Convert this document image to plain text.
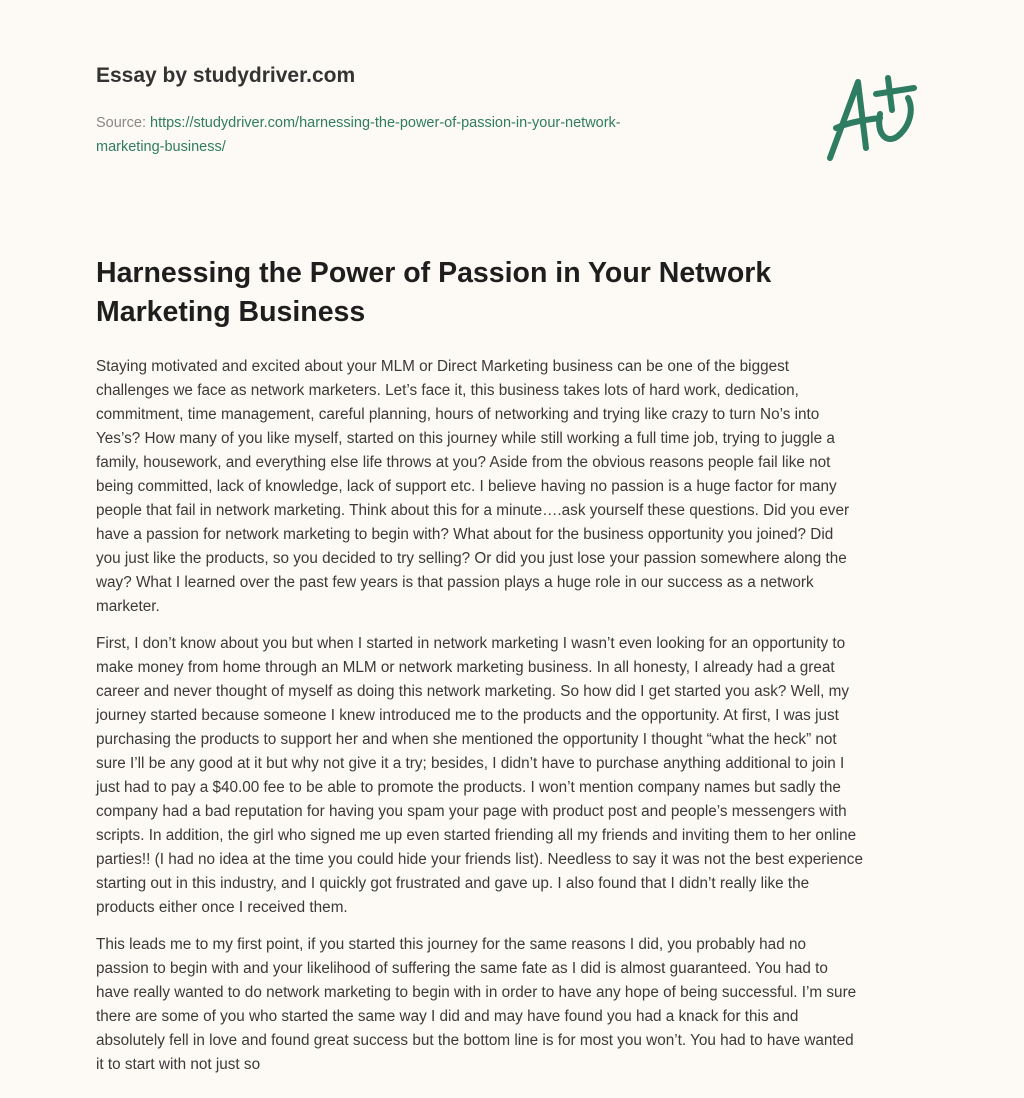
Essay by studydriver.com
Source: https://studydriver.com/harnessing-the-power-of-passion-in-your-network-
marketing-business/
Harnessing the Power of Passion in Your Network
Marketing Business

Staying motivated and excited about your MLM or Direct Marketing business can be one of the biggest
challenges we face as network marketers. Let’s face it, this business takes lots of hard work, dedication,
commitment, time management, careful planning, hours of networking and trying like crazy to turn No’s into
Yes’s? How many of you like myself, started on this journey while still working a full time job, trying to juggle a
family, housework, and everything else life throws at you? Aside from the obvious reasons people fail like not
being committed, lack of knowledge, lack of support etc. I believe having no passion is a huge factor for many
people that fail in network marketing. Think about this for a minute….ask yourself these questions. Did you ever
have a passion for network marketing to begin with? What about for the business opportunity you joined? Did
you just like the products, so you decided to try selling? Or did you just lose your passion somewhere along the
way? What I learned over the past few years is that passion plays a huge role in our success as a network
marketer.

First, I don’t know about you but when I started in network marketing I wasn’t even looking for an opportunity to
make money from home through an MLM or network marketing business. In all honesty, I already had a great
career and never thought of myself as doing this network marketing. So how did I get started you ask? Well, my
journey started because someone I knew introduced me to the products and the opportunity. At first, I was just
purchasing the products to support her and when she mentioned the opportunity I thought “what the heck” not
sure I’ll be any good at it but why not give it a try; besides, I didn’t have to purchase anything additional to join I
just had to pay a $40.00 fee to be able to promote the products. I won’t mention company names but sadly the
company had a bad reputation for having you spam your page with product post and people’s messengers with
scripts. In addition, the girl who signed me up even started friending all my friends and inviting them to her online
parties!! (I had no idea at the time you could hide your friends list). Needless to say it was not the best experience
starting out in this industry, and I quickly got frustrated and gave up. I also found that I didn’t really like the
products either once I received them.

This leads me to my first point, if you started this journey for the same reasons I did, you probably had no
passion to begin with and your likelihood of suffering the same fate as I did is almost guaranteed. You had to
have really wanted to do network marketing to begin with in order to have any hope of being successful. I’m sure
there are some of you who started the same way I did and may have found you had a knack for this and
absolutely fell in love and found great success but the bottom line is for most you won’t. You had to have wanted
it to start with not just so
